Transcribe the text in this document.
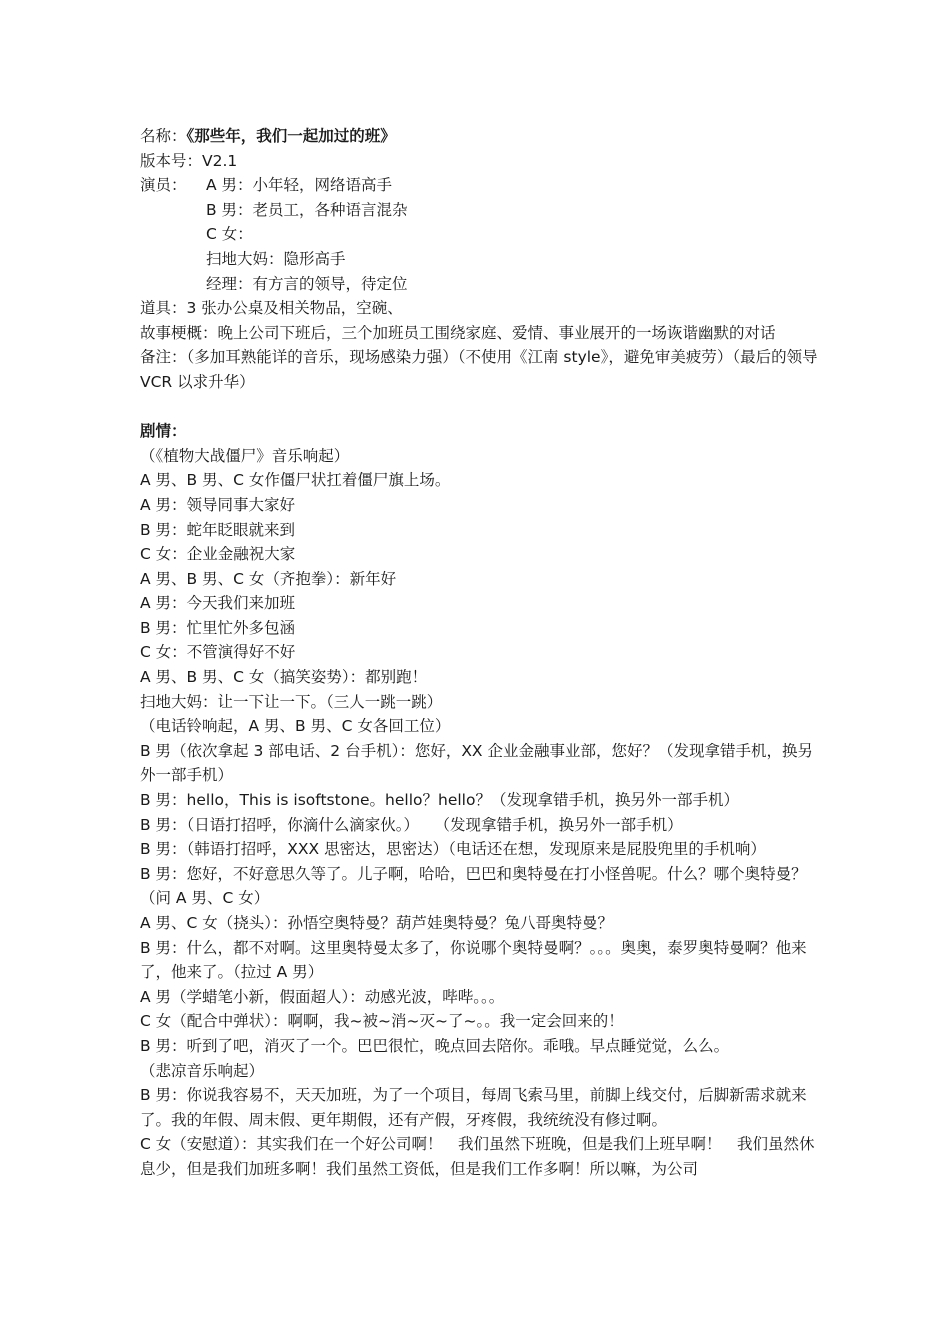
名称：《那些年，我们一起加过的班》
版本号：V2.1
演员：	A 男：小年轻，网络语高手
B 男：老员工，各种语言混杂
C 女：
扫地大妈：隐形高手
经理：有方言的领导，待定位
道具：3 张办公桌及相关物品，空碗、
故事梗概：晚上公司下班后，三个加班员工围绕家庭、爱情、事业展开的一场诙谐幽默的对话
备注：（多加耳熟能详的音乐，现场感染力强）（不使用《江南 style》，避免审美疲劳）（最后的领导 VCR 以求升华）
剧情：
（《植物大战僵尸》音乐响起）
A 男、B 男、C 女作僵尸状扛着僵尸旗上场。
A 男：领导同事大家好
B 男：蛇年眨眼就来到
C 女：企业金融祝大家
A 男、B 男、C 女（齐抱拳）：新年好
A 男：今天我们来加班
B 男：忙里忙外多包涵
C 女：不管演得好不好
A 男、B 男、C 女（搞笑姿势）：都别跑！
扫地大妈：让一下让一下。（三人一跳一跳）
（电话铃响起，A 男、B 男、C 女各回工位）
B 男（依次拿起 3 部电话、2 台手机）：您好，XX 企业金融事业部，您好？（发现拿错手机，换另外一部手机）
B 男：hello，This is isoftstone。hello？hello？（发现拿错手机，换另外一部手机）
B 男：（日语打招呼，你滴什么滴家伙。）　　（发现拿错手机，换另外一部手机）
B 男：（韩语打招呼，XXX 思密达，思密达）（电话还在想，发现原来是屁股兜里的手机响）
B 男：您好，不好意思久等了。儿子啊，哈哈，巴巴和奥特曼在打小怪兽呢。什么？哪个奥特曼？（问 A 男、C 女）
A 男、C 女（挠头）：孙悟空奥特曼？葫芦娃奥特曼？兔八哥奥特曼？
B 男：什么，都不对啊。这里奥特曼太多了，你说哪个奥特曼啊？。。。奥奥，泰罗奥特曼啊？他来了，他来了。（拉过 A 男）
A 男（学蜡笔小新，假面超人）：动感光波，哔哔。。。
C 女（配合中弹状）：啊啊，我~被~消~灭~了~。。我一定会回来的！
B 男：听到了吧，消灭了一个。巴巴很忙，晚点回去陪你。乖哦。早点睡觉觉，么么。
（悲凉音乐响起）
B 男：你说我容易不，天天加班，为了一个项目，每周飞索马里，前脚上线交付，后脚新需求就来了。我的年假、周末假、更年期假，还有产假，牙疼假，我统统没有修过啊。
C 女（安慰道）：其实我们在一个好公司啊！　我们虽然下班晚，但是我们上班早啊！　我们虽然休息少，但是我们加班多啊！我们虽然工资低，但是我们工作多啊！所以嘛，为公司
